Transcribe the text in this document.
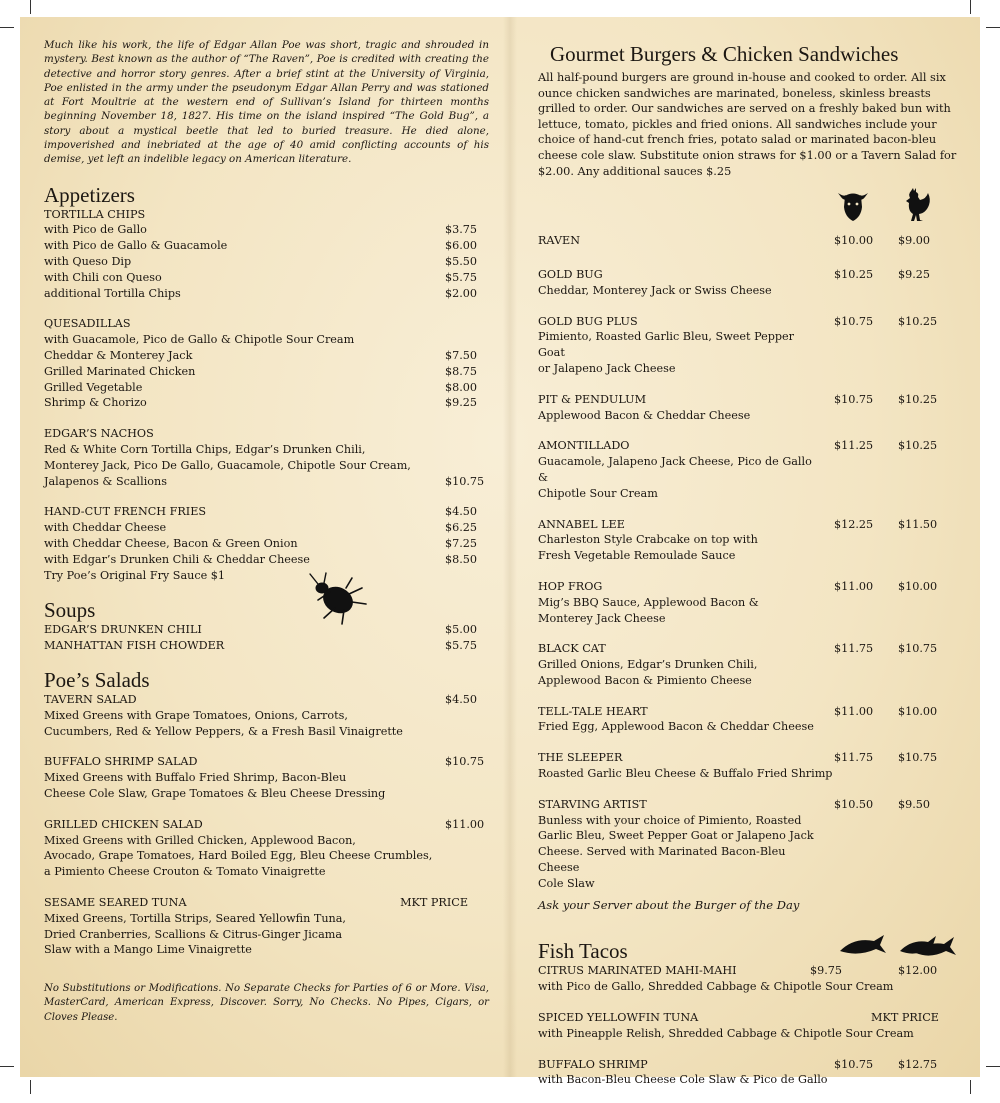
Much like his work, the life of Edgar Allan Poe was short, tragic and shrouded in mystery. Best known as the author of “The Raven”, Poe is credited with creating the detective and horror story genres. After a brief stint at the University of Virginia, Poe enlisted in the army under the pseudonym Edgar Allan Perry and was stationed at Fort Moultrie at the western end of Sullivan’s Island for thirteen months beginning November 18, 1827. His time on the island inspired “The Gold Bug”, a story about a mystical beetle that led to buried treasure. He died alone, impoverished and inebriated at the age of 40 amid conflicting accounts of his demise, yet left an indelible legacy on American literature.

Appetizers
TORTILLA CHIPS
with Pico de Gallo	$3.75
with Pico de Gallo & Guacamole	$6.00
with Queso Dip	$5.50
with Chili con Queso	$5.75
additional Tortilla Chips	$2.00
QUESADILLAS
with Guacamole, Pico de Gallo & Chipotle Sour Cream
Cheddar & Monterey Jack	$7.50
Grilled Marinated Chicken	$8.75
Grilled Vegetable	$8.00
Shrimp & Chorizo	$9.25
EDGAR’S NACHOS
Red & White Corn Tortilla Chips, Edgar’s Drunken Chili,
Monterey Jack, Pico De Gallo, Guacamole, Chipotle Sour Cream,
Jalapenos & Scallions	$10.75
HAND-CUT FRENCH FRIES	$4.50
with Cheddar Cheese	$6.25
with Cheddar Cheese, Bacon & Green Onion	$7.25
with Edgar’s Drunken Chili & Cheddar Cheese	$8.50
Try Poe’s Original Fry Sauce $1
Soups
EDGAR’S DRUNKEN CHILI	$5.00
MANHATTAN FISH CHOWDER	$5.75
Poe’s Salads
TAVERN SALAD	$4.50
Mixed Greens with Grape Tomatoes, Onions, Carrots,
Cucumbers, Red & Yellow Peppers, & a Fresh Basil Vinaigrette
BUFFALO SHRIMP SALAD	$10.75
Mixed Greens with Buffalo Fried Shrimp, Bacon-Bleu
Cheese Cole Slaw, Grape Tomatoes & Bleu Cheese Dressing
GRILLED CHICKEN SALAD	$11.00
Mixed Greens with Grilled Chicken, Applewood Bacon,
Avocado, Grape Tomatoes, Hard Boiled Egg, Bleu Cheese Crumbles,
a Pimiento Cheese Crouton & Tomato Vinaigrette
SESAME SEARED TUNA	MKT PRICE
Mixed Greens, Tortilla Strips, Seared Yellowfin Tuna,
Dried Cranberries, Scallions & Citrus-Ginger Jicama
Slaw with a Mango Lime Vinaigrette

No Substitutions or Modifications. No Separate Checks for Parties of 6 or More. Visa, MasterCard, American Express, Discover. Sorry, No Checks. No Pipes, Cigars, or Cloves Please.

Gourmet Burgers & Chicken Sandwiches
All half-pound burgers are ground in-house and cooked to order. All six ounce chicken sandwiches are marinated, boneless, skinless breasts grilled to order. Our sandwiches are served on a freshly baked bun with lettuce, tomato, pickles and fried onions. All sandwiches include your choice of hand-cut french fries, potato salad or marinated bacon-bleu cheese cole slaw. Substitute onion straws for $1.00 or a Tavern Salad for $2.00. Any additional sauces $.25
RAVEN	$10.00 $9.00
GOLD BUG	$10.25 $9.25
Cheddar, Monterey Jack or Swiss Cheese
GOLD BUG PLUS	$10.75 $10.25
Pimiento, Roasted Garlic Bleu, Sweet Pepper Goat
or Jalapeno Jack Cheese
PIT & PENDULUM	$10.75 $10.25
Applewood Bacon & Cheddar Cheese
AMONTILLADO	$11.25 $10.25
Guacamole, Jalapeno Jack Cheese, Pico de Gallo &
Chipotle Sour Cream
ANNABEL LEE	$12.25 $11.50
Charleston Style Crabcake on top with
Fresh Vegetable Remoulade Sauce
HOP FROG	$11.00 $10.00
Mig’s BBQ Sauce, Applewood Bacon &
Monterey Jack Cheese
BLACK CAT	$11.75 $10.75
Grilled Onions, Edgar’s Drunken Chili,
Applewood Bacon & Pimiento Cheese
TELL-TALE HEART	$11.00 $10.00
Fried Egg, Applewood Bacon & Cheddar Cheese
THE SLEEPER	$11.75 $10.75
Roasted Garlic Bleu Cheese & Buffalo Fried Shrimp
STARVING ARTIST	$10.50 $9.50
Bunless with your choice of Pimiento, Roasted
Garlic Bleu, Sweet Pepper Goat or Jalapeno Jack
Cheese. Served with Marinated Bacon-Bleu Cheese
Cole Slaw
Ask your Server about the Burger of the Day
Fish Tacos
CITRUS MARINATED MAHI-MAHI	$9.75	$12.00
with Pico de Gallo, Shredded Cabbage & Chipotle Sour Cream
SPICED YELLOWFIN TUNA	MKT PRICE
with Pineapple Relish, Shredded Cabbage & Chipotle Sour Cream
BUFFALO SHRIMP	$10.75 $12.75
with Bacon-Bleu Cheese Cole Slaw & Pico de Gallo
